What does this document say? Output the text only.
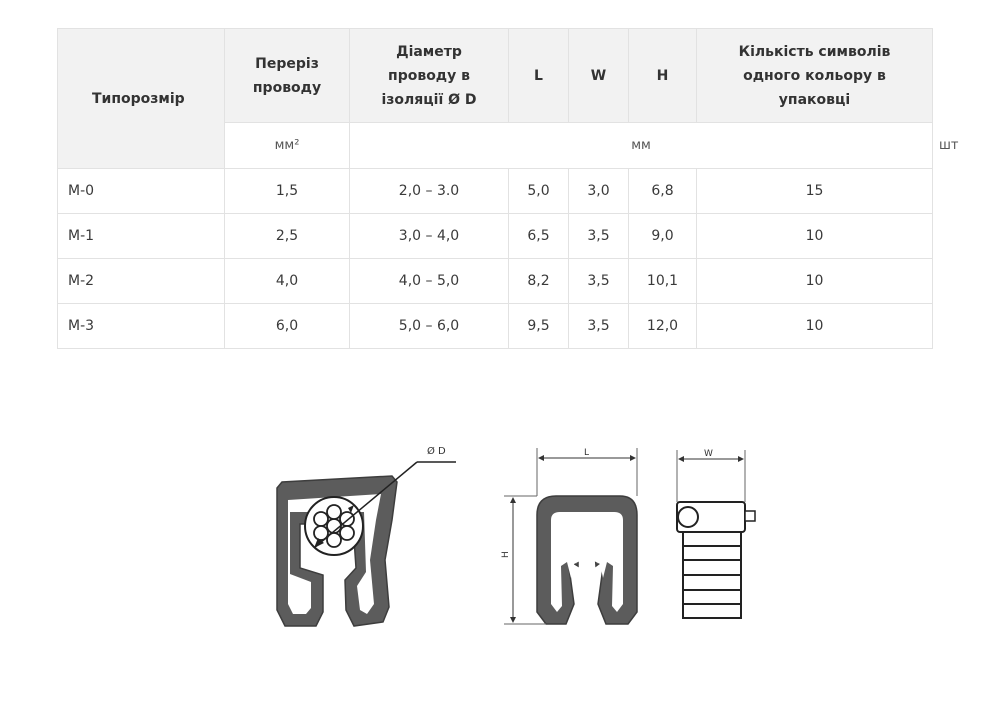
Типорозмір	Переріз проводу	Діаметр проводу в ізоляції Ø D	L	W	H	Кількість символів одного кольору в упаковці	

	мм²	мм					шт
M-0	1,5	2,0 – 3.0	5,0	3,0	6,8	15	
M-1	2,5	3,0 – 4,0	6,5	3,5	9,0	10	
M-2	4,0	4,0 – 5,0	8,2	3,5	10,1	10	
M-3	6,0	5,0 – 6,0	9,5	3,5	12,0	10	
Ø D	L
H
W
